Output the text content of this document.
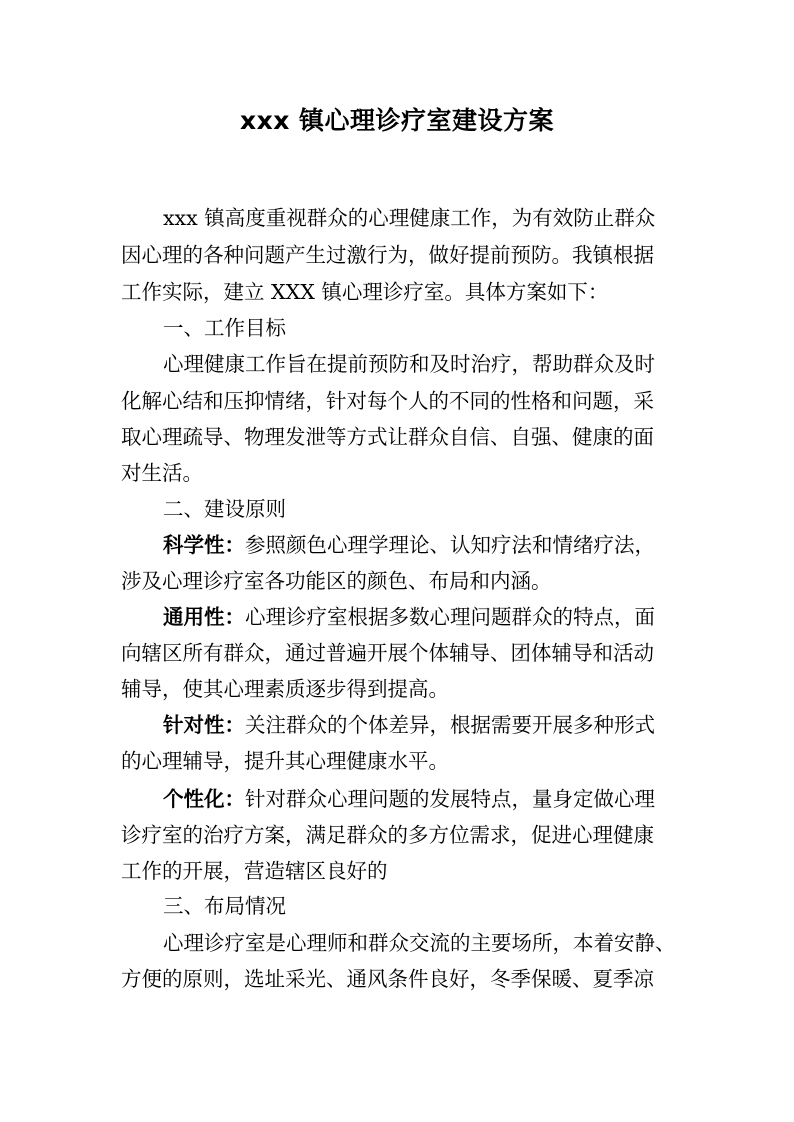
xxx 镇心理诊疗室建设方案
xxx 镇高度重视群众的心理健康工作，为有效防止群众
因心理的各种问题产生过激行为，做好提前预防。我镇根据
工作实际，建立 XXX 镇心理诊疗室。具体方案如下：
一、工作目标
心理健康工作旨在提前预防和及时治疗，帮助群众及时
化解心结和压抑情绪，针对每个人的不同的性格和问题，采
取心理疏导、物理发泄等方式让群众自信、自强、健康的面
对生活。
二、建设原则
科学性：参照颜色心理学理论、认知疗法和情绪疗法，
涉及心理诊疗室各功能区的颜色、布局和内涵。
通用性：心理诊疗室根据多数心理问题群众的特点，面
向辖区所有群众，通过普遍开展个体辅导、团体辅导和活动
辅导，使其心理素质逐步得到提高。
针对性：关注群众的个体差异，根据需要开展多种形式
的心理辅导，提升其心理健康水平。
个性化：针对群众心理问题的发展特点，量身定做心理
诊疗室的治疗方案，满足群众的多方位需求，促进心理健康
工作的开展，营造辖区良好的
三、布局情况
心理诊疗室是心理师和群众交流的主要场所，本着安静、
方便的原则，选址采光、通风条件良好，冬季保暖、夏季凉
